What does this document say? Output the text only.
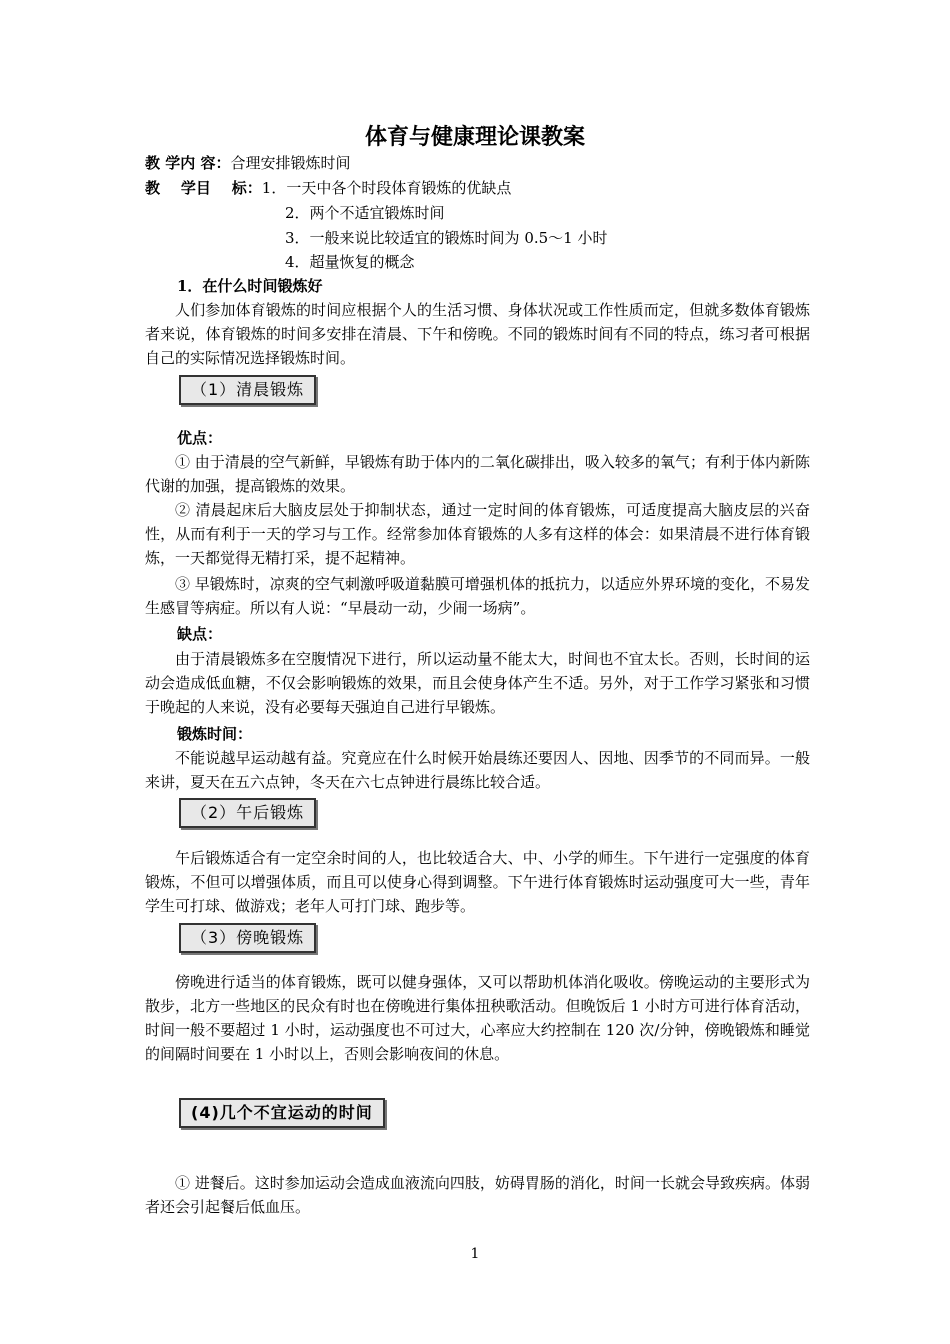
体育与健康理论课教案
教 学内 容：合理安排锻炼时间
教    学目    标：1．一天中各个时段体育锻炼的优缺点
2．两个不适宜锻炼时间
3．一般来说比较适宜的锻炼时间为 0.5～1 小时
4．超量恢复的概念
1．在什么时间锻炼好

人们参加体育锻炼的时间应根据个人的生活习惯、身体状况或工作性质而定，但就多数体育锻炼者来说，体育锻炼的时间多安排在清晨、下午和傍晚。不同的锻炼时间有不同的特点，练习者可根据自己的实际情况选择锻炼时间。

（1）清晨锻炼
优点：

① 由于清晨的空气新鲜，早锻炼有助于体内的二氧化碳排出，吸入较多的氧气；有利于体内新陈代谢的加强，提高锻炼的效果。

② 清晨起床后大脑皮层处于抑制状态，通过一定时间的体育锻炼，可适度提高大脑皮层的兴奋性，从而有利于一天的学习与工作。经常参加体育锻炼的人多有这样的体会：如果清晨不进行体育锻炼，一天都觉得无精打采，提不起精神。

③ 早锻炼时，凉爽的空气刺激呼吸道黏膜可增强机体的抵抗力，以适应外界环境的变化，不易发生感冒等病症。所以有人说：“早晨动一动，少闹一场病”。

缺点：

由于清晨锻炼多在空腹情况下进行，所以运动量不能太大，时间也不宜太长。否则，长时间的运动会造成低血糖，不仅会影响锻炼的效果，而且会使身体产生不适。另外，对于工作学习紧张和习惯于晚起的人来说，没有必要每天强迫自己进行早锻炼。

锻炼时间：

不能说越早运动越有益。究竟应在什么时候开始晨练还要因人、因地、因季节的不同而异。一般来讲，夏天在五六点钟，冬天在六七点钟进行晨练比较合适。

（2）午后锻炼

午后锻炼适合有一定空余时间的人，也比较适合大、中、小学的师生。下午进行一定强度的体育锻炼，不但可以增强体质，而且可以使身心得到调整。下午进行体育锻炼时运动强度可大一些，青年学生可打球、做游戏；老年人可打门球、跑步等。

（3）傍晚锻炼

傍晚进行适当的体育锻炼，既可以健身强体，又可以帮助机体消化吸收。傍晚运动的主要形式为散步，北方一些地区的民众有时也在傍晚进行集体扭秧歌活动。但晚饭后 1 小时方可进行体育活动，时间一般不要超过 1 小时，运动强度也不可过大，心率应大约控制在 120 次/分钟，傍晚锻炼和睡觉的间隔时间要在 1 小时以上，否则会影响夜间的休息。

(4)几个不宜运动的时间

① 进餐后。这时参加运动会造成血液流向四肢，妨碍胃肠的消化，时间一长就会导致疾病。体弱者还会引起餐后低血压。

1
